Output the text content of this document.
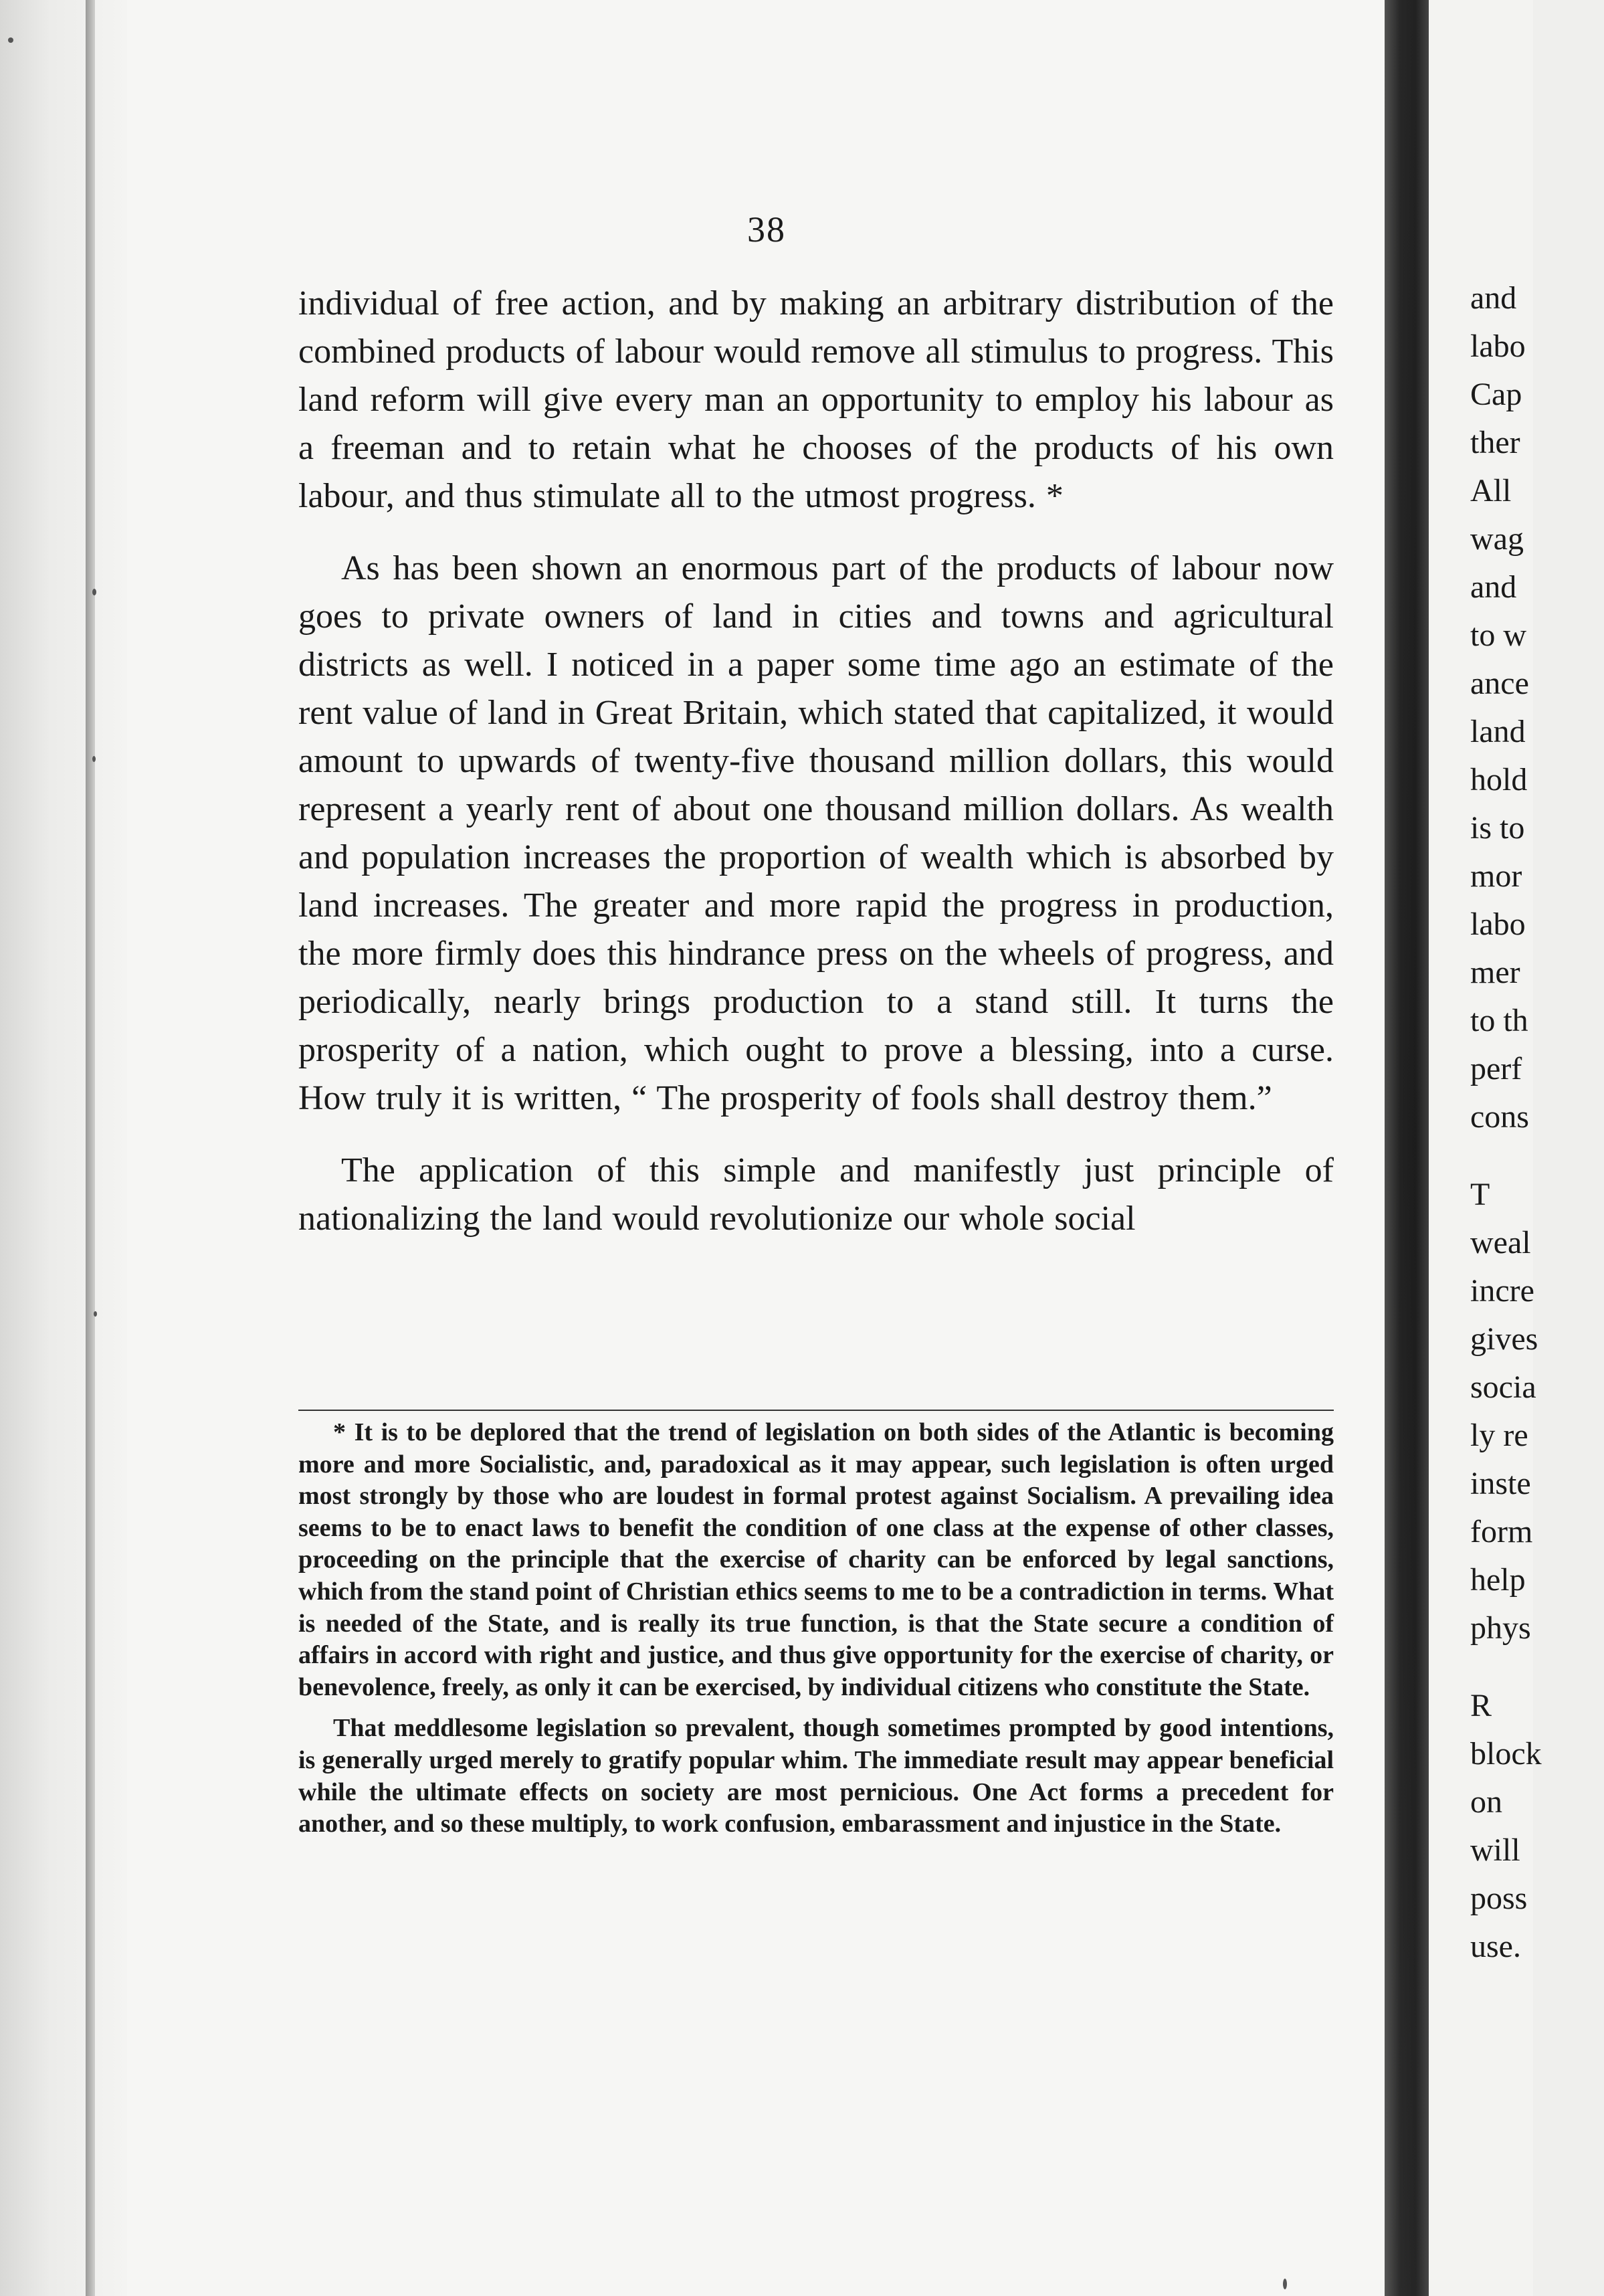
38

individual of free action, and by making an arbitrary distribution of the combined products of labour would remove all stimulus to progress. This land reform will give every man an opportunity to employ his labour as a freeman and to retain what he chooses of the products of his own labour, and thus stimulate all to the utmost progress. *

As has been shown an enormous part of the products of labour now goes to private owners of land in cities and towns and agricultural districts as well. I noticed in a paper some time ago an estimate of the rent value of land in Great Britain, which stated that capitalized, it would amount to upwards of twenty-five thousand million dollars, this would represent a yearly rent of about one thousand million dollars. As wealth and population increases the proportion of wealth which is absorbed by land increases. The greater and more rapid the progress in production, the more firmly does this hindrance press on the wheels of progress, and periodically, nearly brings production to a stand still. It turns the prosperity of a nation, which ought to prove a blessing, into a curse. How truly it is written, “ The prosperity of fools shall destroy them.”

The application of this simple and manifestly just principle of nationalizing the land would revolutionize our whole social

* It is to be deplored that the trend of legislation on both sides of the Atlantic is becoming more and more Socialistic, and, paradoxical as it may appear, such legislation is often urged most strongly by those who are loudest in formal protest against Socialism. A prevailing idea seems to be to enact laws to benefit the condition of one class at the expense of other classes, proceeding on the principle that the exercise of charity can be enforced by legal sanctions, which from the stand point of Christian ethics seems to me to be a contradiction in terms. What is needed of the State, and is really its true function, is that the State secure a condition of affairs in accord with right and justice, and thus give opportunity for the exercise of charity, or benevolence, freely, as only it can be exercised, by individual citizens who constitute the State.

That meddlesome legislation so prevalent, though sometimes prompted by good intentions, is generally urged merely to gratify popular whim. The immediate result may appear beneficial while the ultimate effects on society are most pernicious. One Act forms a precedent for another, and so these multiply, to work confusion, embarassment and injustice in the State.

and
labo
Cap
ther
All
wag
and
to w
ance
land
hold
is to
mor
labo
mer
to th
perf
cons
T
weal
incre
gives
socia
ly re
inste
form
help
phys
R
block
on
will
poss
use.
